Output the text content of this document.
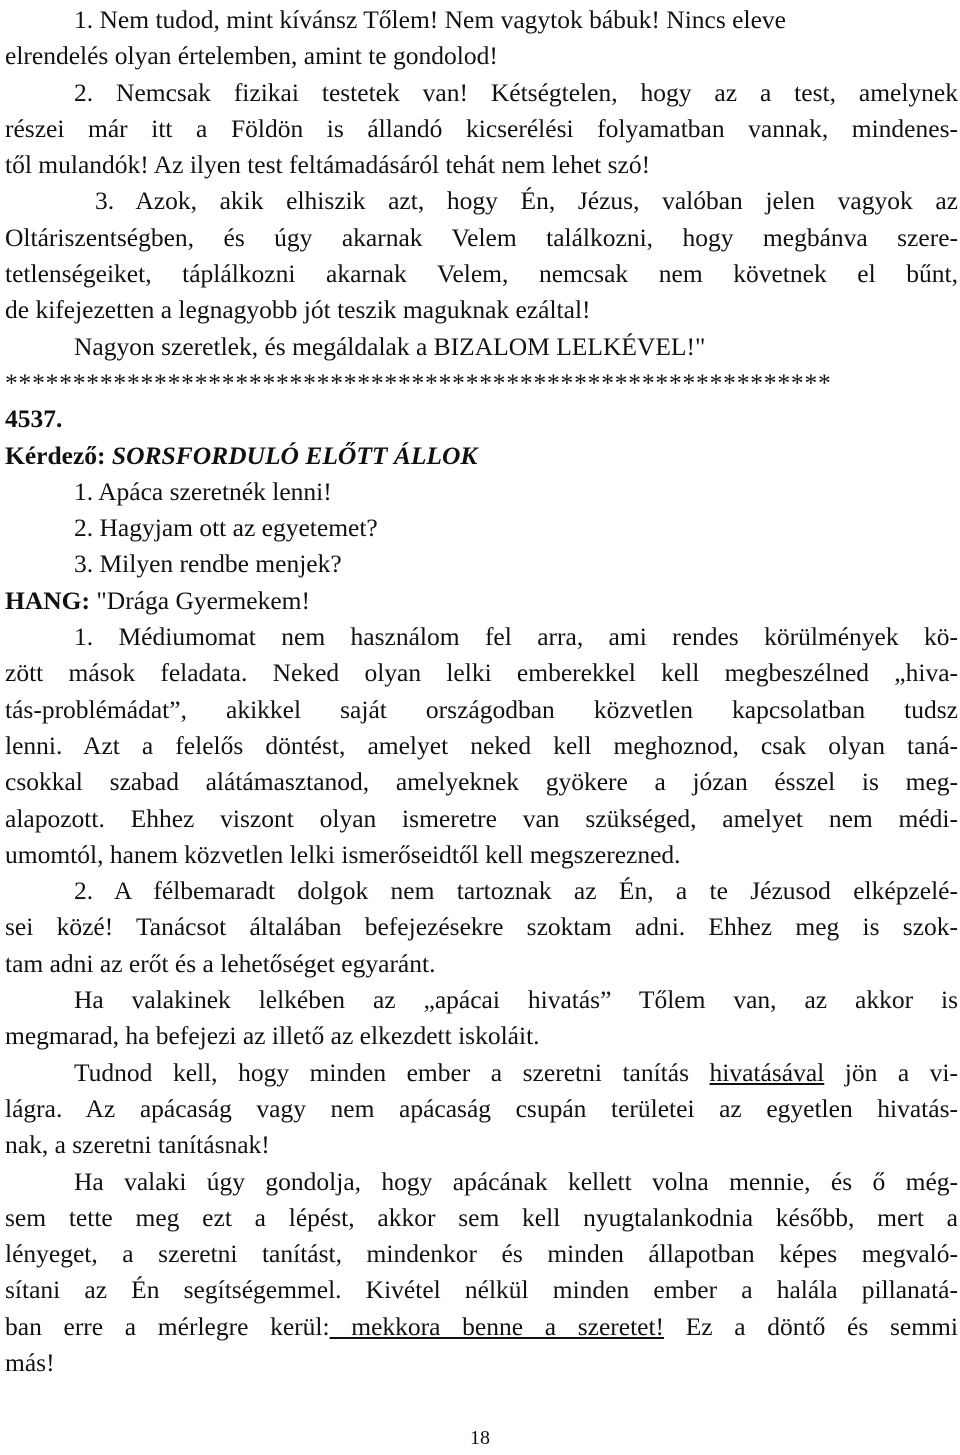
1. Nem tudod, mint kívánsz Tőlem! Nem vagytok bábuk! Nincs eleve
elrendelés olyan értelemben, amint te gondolod!
2. Nemcsak fizikai testetek van! Kétségtelen, hogy az a test, amelynek
részei már itt a Földön is állandó kicserélési folyamatban vannak, mindenes-
től mulandók! Az ilyen test feltámadásáról tehát nem lehet szó!
3. Azok, akik elhiszik azt, hogy Én, Jézus, valóban jelen vagyok az
Oltáriszentségben, és úgy akarnak Velem találkozni, hogy megbánva szere-
tetlenségeiket, táplálkozni akarnak Velem, nemcsak nem követnek el bűnt,
de kifejezetten a legnagyobb jót teszik maguknak ezáltal!
Nagyon szeretlek, és megáldalak a BIZALOM LELKÉVEL!"
*************************************************************
4537.
Kérdező: SORSFORDULÓ ELŐTT ÁLLOK
1. Apáca szeretnék lenni!
2. Hagyjam ott az egyetemet?
3. Milyen rendbe menjek?
HANG: "Drága Gyermekem!
1. Médiumomat nem használom fel arra, ami rendes körülmények kö-
zött mások feladata. Neked olyan lelki emberekkel kell megbeszélned „hiva-
tás-problémádat”, akikkel saját országodban közvetlen kapcsolatban tudsz
lenni. Azt a felelős döntést, amelyet neked kell meghoznod, csak olyan taná-
csokkal szabad alátámasztanod, amelyeknek gyökere a józan ésszel is meg-
alapozott. Ehhez viszont olyan ismeretre van szükséged, amelyet nem médi-
umomtól, hanem közvetlen lelki ismerőseidtől kell megszerezned.
2. A félbemaradt dolgok nem tartoznak az Én, a te Jézusod elképzelé-
sei közé! Tanácsot általában befejezésekre szoktam adni. Ehhez meg is szok-
tam adni az erőt és a lehetőséget egyaránt.
Ha valakinek lelkében az „apácai hivatás” Tőlem van, az akkor is
megmarad, ha befejezi az illető az elkezdett iskoláit.
Tudnod kell, hogy minden ember a szeretni tanítás hivatásával jön a vi-
lágra. Az apácaság vagy nem apácaság csupán területei az egyetlen hivatás-
nak, a szeretni tanításnak!
Ha valaki úgy gondolja, hogy apácának kellett volna mennie, és ő még-
sem tette meg ezt a lépést, akkor sem kell nyugtalankodnia később, mert a
lényeget, a szeretni tanítást, mindenkor és minden állapotban képes megvaló-
sítani az Én segítségemmel. Kivétel nélkül minden ember a halála pillanatá-
ban erre a mérlegre kerül: mekkora benne a szeretet! Ez a döntő és semmi
más!
18
